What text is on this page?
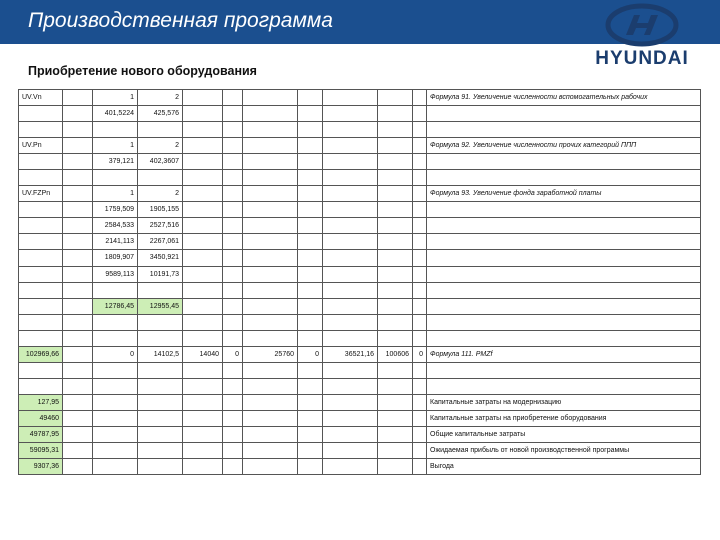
Производственная программа
HYUNDAI
Приобретение нового оборудования
UV.Vn		1	2								Формула 91. Увеличение численности вспомогательных рабочих
		401,5224	425,576								

UV.Pn		1	2								Формула 92. Увеличение численности прочих категорий ППП
		379,121	402,3607								

UV.FZPn		1	2								Формула 93. Увеличение фонда заработной платы
		1759,509	1905,155								
		2584,533	2527,516								
		2141,113	2267,061								
		1809,907	3450,921								
		9589,113	10191,73								

		12786,45	12955,45								

102969,66		0	14102,5	14040	0	25760	0	36521,16	100606	0	Формула 111. PMZf

127,95											Капитальные затраты на модернизацию
49460											Капитальные затраты на приобретение оборудования
49787,95											Общие капитальные затраты
59095,31											Ожидаемая прибыль от новой производственной программы
9307,36											Выгода
